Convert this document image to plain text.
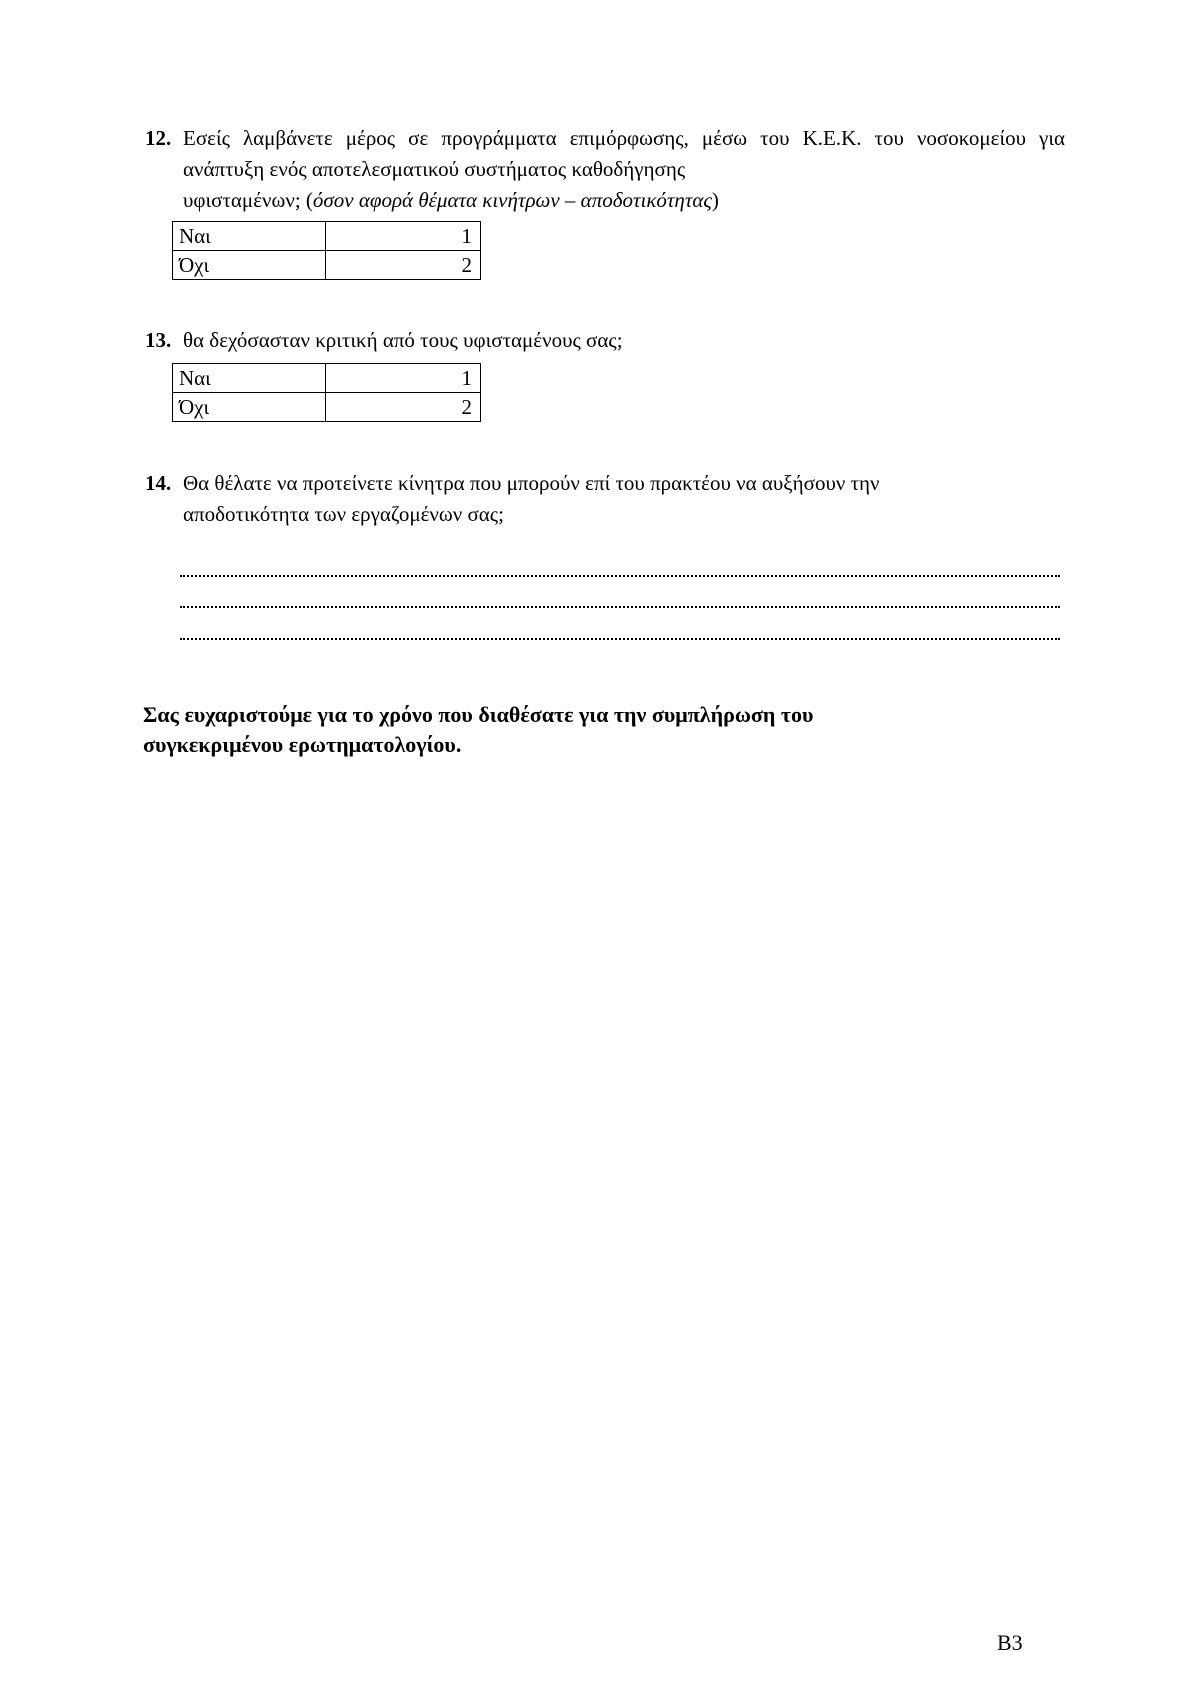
12. Εσείς λαμβάνετε μέρος σε προγράμματα επιμόρφωσης, μέσω του Κ.Ε.Κ. του νοσοκομείου για ανάπτυξη ενός αποτελεσματικού συστήματος καθοδήγησης
υφισταμένων; (όσον αφορά θέματα κινήτρων – αποδοτικότητας)
Ναι	1
Όχι	2
13. θα δεχόσασταν κριτική από τους υφισταμένους σας;
Ναι	1
Όχι	2
14. Θα θέλατε να προτείνετε κίνητρα που μπορούν επί του πρακτέου να αυξήσουν την
αποδοτικότητα των εργαζομένων σας;
Σας ευχαριστούμε για το χρόνο που διαθέσατε για την συμπλήρωση του
συγκεκριμένου ερωτηματολογίου.
B3
